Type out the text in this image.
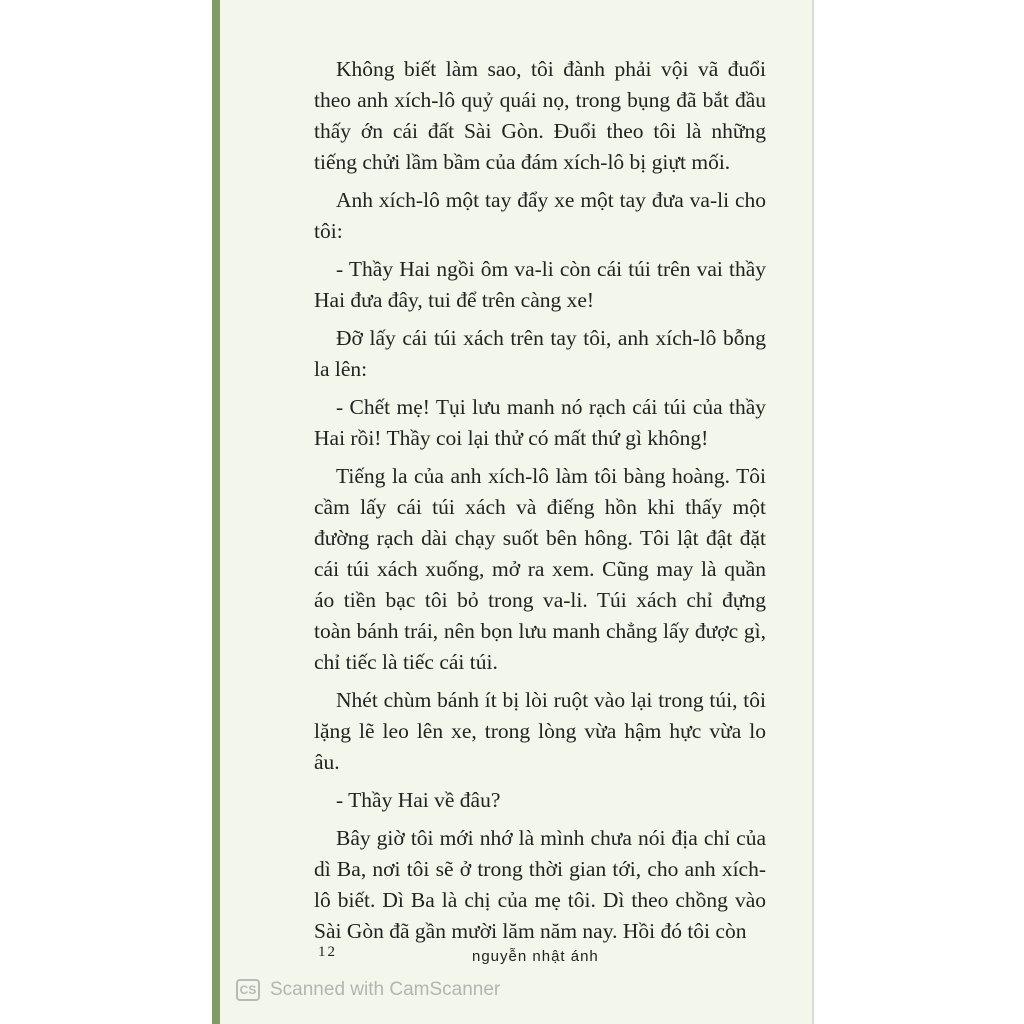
Không biết làm sao, tôi đành phải vội vã đuổi theo anh xích-lô quỷ quái nọ, trong bụng đã bắt đầu thấy ớn cái đất Sài Gòn. Đuổi theo tôi là những tiếng chửi lầm bầm của đám xích-lô bị giựt mối.

Anh xích-lô một tay đẩy xe một tay đưa va-li cho tôi:

- Thầy Hai ngồi ôm va-li còn cái túi trên vai thầy Hai đưa đây, tui để trên càng xe!

Đỡ lấy cái túi xách trên tay tôi, anh xích-lô bỗng la lên:

- Chết mẹ! Tụi lưu manh nó rạch cái túi của thầy Hai rồi! Thầy coi lại thử có mất thứ gì không!

Tiếng la của anh xích-lô làm tôi bàng hoàng. Tôi cầm lấy cái túi xách và điếng hồn khi thấy một đường rạch dài chạy suốt bên hông. Tôi lật đật đặt cái túi xách xuống, mở ra xem. Cũng may là quần áo tiền bạc tôi bỏ trong va-li. Túi xách chỉ đựng toàn bánh trái, nên bọn lưu manh chẳng lấy được gì, chỉ tiếc là tiếc cái túi.

Nhét chùm bánh ít bị lòi ruột vào lại trong túi, tôi lặng lẽ leo lên xe, trong lòng vừa hậm hực vừa lo âu.

- Thầy Hai về đâu?

Bây giờ tôi mới nhớ là mình chưa nói địa chỉ của dì Ba, nơi tôi sẽ ở trong thời gian tới, cho anh xích-lô biết. Dì Ba là chị của mẹ tôi. Dì theo chồng vào Sài Gòn đã gần mười lăm năm nay. Hồi đó tôi còn

12	nguyễn nhật ánh
CS Scanned with CamScanner
